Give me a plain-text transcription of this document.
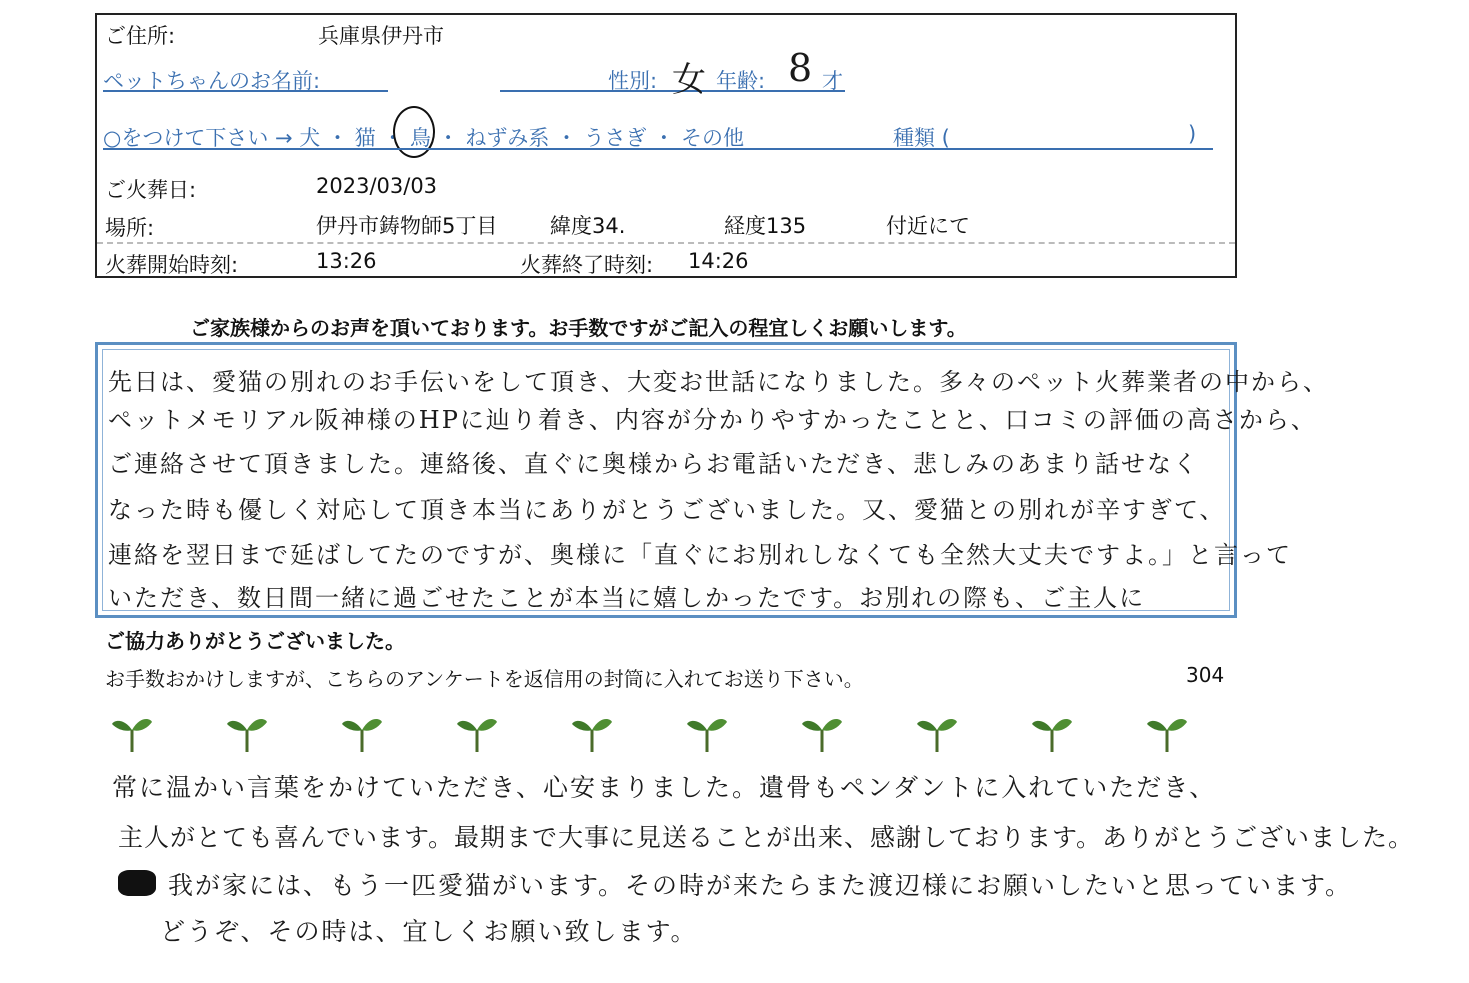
ご住所:	兵庫県伊丹市
ペットちゃんのお名前:	性別: 女 年齢: 8 才
○をつけて下さい → 犬 ・ 猫 ・ 鳥 ・ ねずみ系 ・ うさぎ ・ その他	種類 (	)
ご火葬日:	2023/03/03
場所:	伊丹市鋳物師5丁目	緯度34.	経度135	付近にて
火葬開始時刻:	13:26	火葬終了時刻: 14:26
ご家族様からのお声を頂いております。お手数ですがご記入の程宜しくお願いします。
先日は、愛猫の別れのお手伝いをして頂き、大変お世話になりました。多々のペット火葬業者の中から、
ペットメモリアル阪神様のHPに辿り着き、内容が分かりやすかったことと、口コミの評価の高さから、
ご連絡させて頂きました。連絡後、直ぐに奥様からお電話いただき、悲しみのあまり話せなく
なった時も優しく対応して頂き本当にありがとうございました。又、愛猫との別れが辛すぎて、
連絡を翌日まで延ばしてたのですが、奥様に「直ぐにお別れしなくても全然大丈夫ですよ。」と言って
いただき、数日間一緒に過ごせたことが本当に嬉しかったです。お別れの際も、ご主人に
ご協力ありがとうございました。
お手数おかけしますが、こちらのアンケートを返信用の封筒に入れてお送り下さい。	304
常に温かい言葉をかけていただき、心安まりました。遺骨もペンダントに入れていただき、
主人がとても喜んでいます。最期まで大事に見送ることが出来、感謝しております。ありがとうございました。
我が家には、もう一匹愛猫がいます。その時が来たらまた渡辺様にお願いしたいと思っています。
どうぞ、その時は、宜しくお願い致します。
